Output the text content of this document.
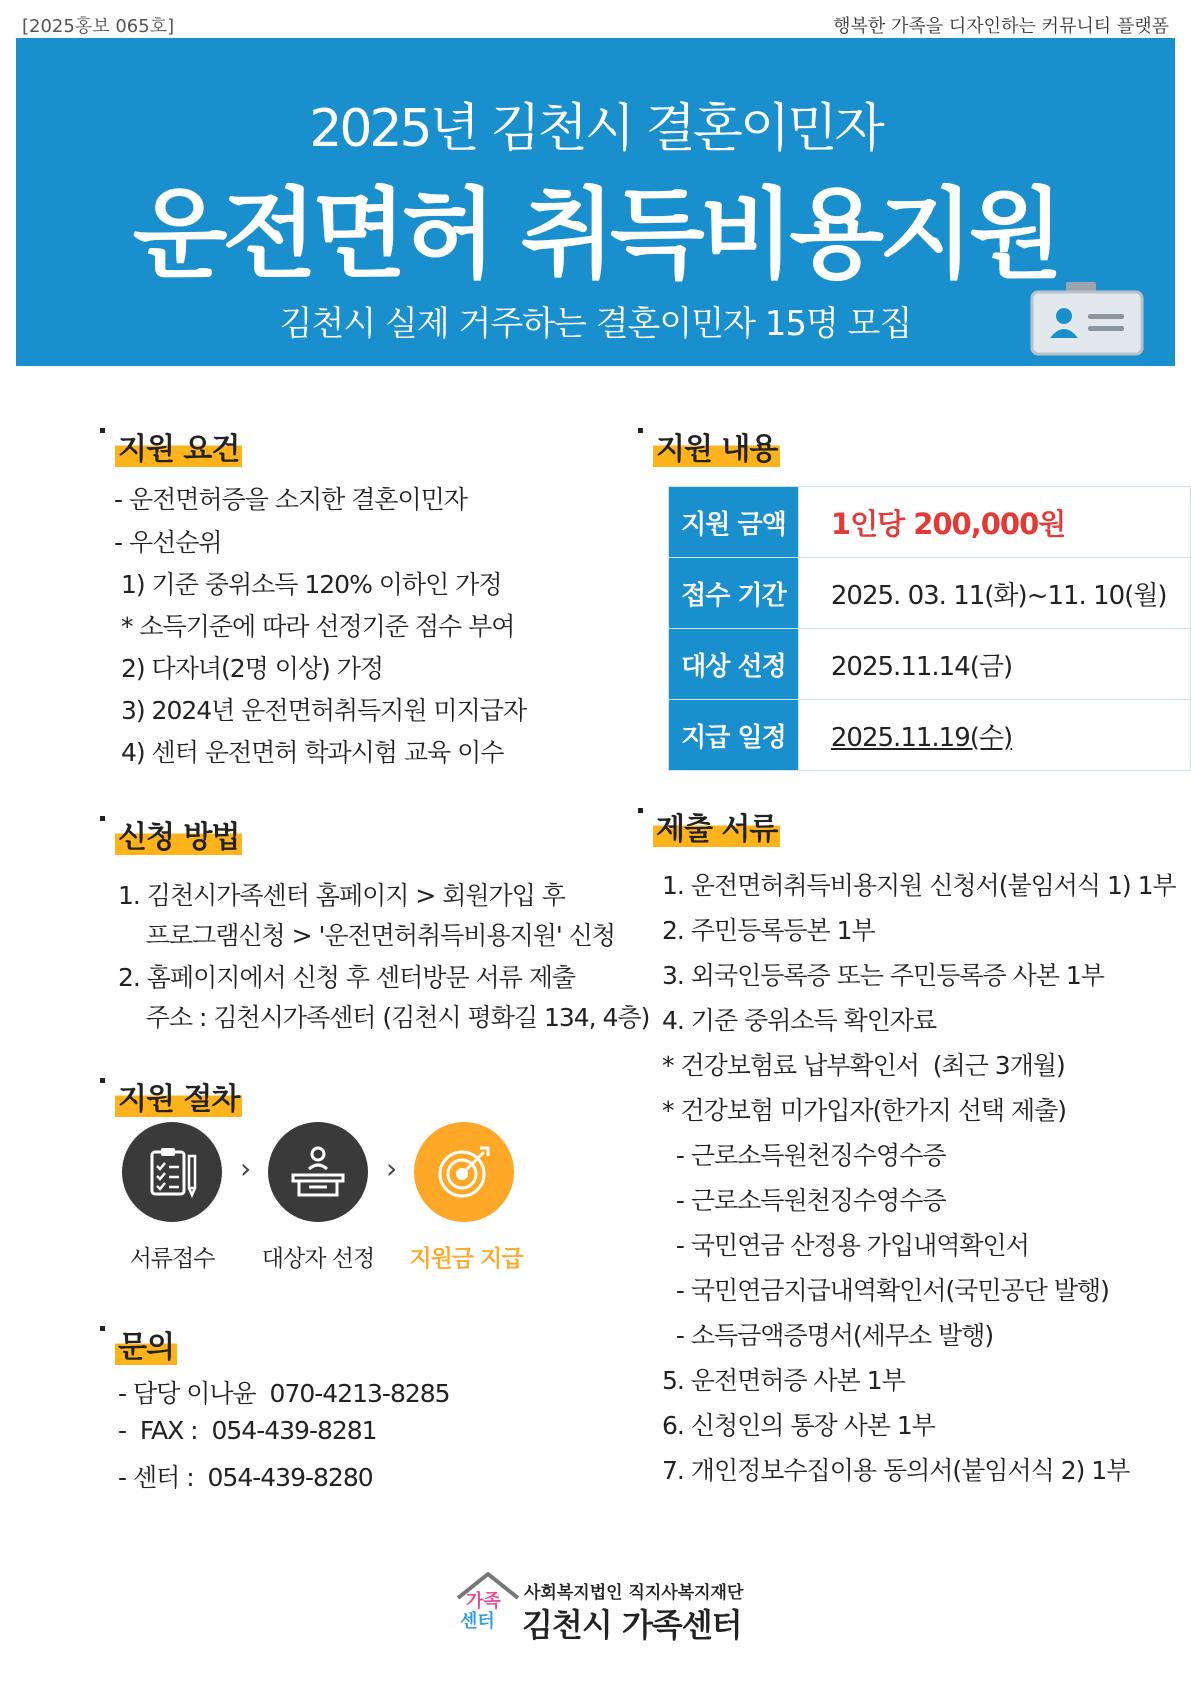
[2025홍보 065호]	행복한 가족을 디자인하는 커뮤니티 플랫폼
2025년 김천시 결혼이민자
운전면허 취득비용지원
김천시 실제 거주하는 결혼이민자 15명 모집
지원 요건
- 운전면허증을 소지한 결혼이민자
- 우선순위
1) 기준 중위소득 120% 이하인 가정
* 소득기준에 따라 선정기준 점수 부여
2) 다자녀(2명 이상) 가정
3) 2024년 운전면허취득지원 미지급자
4) 센터 운전면허 학과시험 교육 이수
신청 방법
1. 김천시가족센터 홈페이지 > 회원가입 후
프로그램신청 > '운전면허취득비용지원' 신청
2. 홈페이지에서 신청 후 센터방문 서류 제출
주소 : 김천시가족센터 (김천시 평화길 134, 4층)
지원 절차
›	›
서류접수	대상자 선정	지원금 지급
문의
- 담당 이나윤  070-4213-8285
-  FAX :  054-439-8281
- 센터 :  054-439-8280
지원 내용
지원 금액	1인당 200,000원
접수 기간	2025. 03. 11(화)~11. 10(월)
대상 선정	2025.11.14(금)
지급 일정	2025.11.19(수)
제출 서류
1. 운전면허취득비용지원 신청서(붙임서식 1) 1부
2. 주민등록등본 1부
3. 외국인등록증 또는 주민등록증 사본 1부
4. 기준 중위소득 확인자료
* 건강보험료 납부확인서  (최근 3개월)
* 건강보험 미가입자(한가지 선택 제출)
- 근로소득원천징수영수증
- 근로소득원천징수영수증
- 국민연금 산정용 가입내역확인서
- 국민연금지급내역확인서(국민공단 발행)
- 소득금액증명서(세무소 발행)
5. 운전면허증 사본 1부
6. 신청인의 통장 사본 1부
7. 개인정보수집이용 동의서(붙임서식 2) 1부
가족
센터
사회복지법인 직지사복지재단
김천시 가족센터
